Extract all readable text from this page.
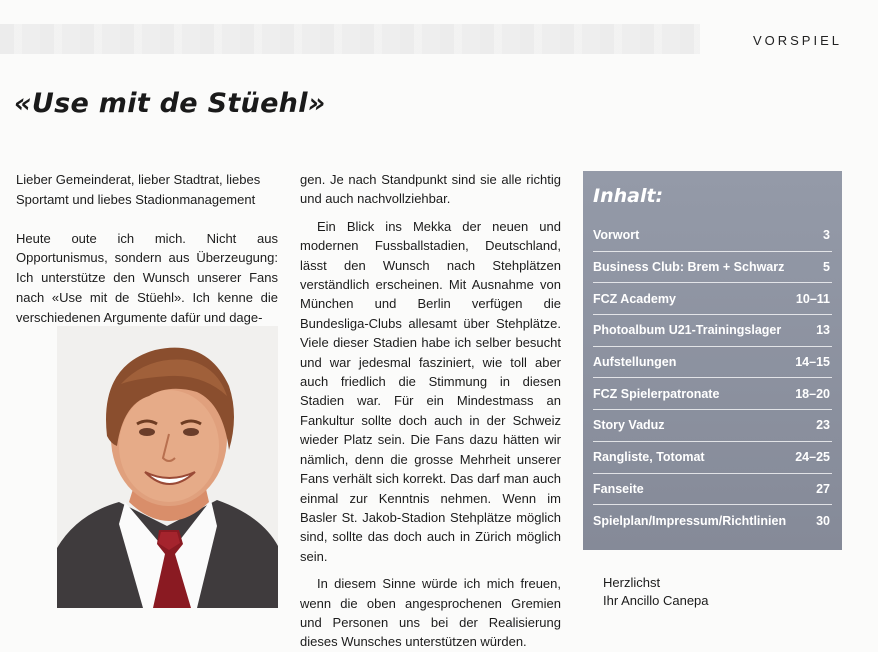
VORSPIEL
«Use mit de Stüehl»

Lieber Gemeinderat, lieber Stadtrat, liebes Sportamt und liebes Stadionmanagement

Heute oute ich mich. Nicht aus Opportunismus, sondern aus Überzeugung: Ich unterstütze den Wunsch unserer Fans nach «Use mit de Stüehl». Ich kenne die verschiedenen Argumente dafür und dage-

gen. Je nach Standpunkt sind sie alle richtig und auch nachvollziehbar.

Ein Blick ins Mekka der neuen und modernen Fussballstadien, Deutschland, lässt den Wunsch nach Stehplätzen verständlich erscheinen. Mit Ausnahme von München und Berlin verfügen die Bundesliga-Clubs allesamt über Stehplätze. Viele dieser Stadien habe ich selber besucht und war jedesmal fasziniert, wie toll aber auch friedlich die Stimmung in diesen Stadien war. Für ein Mindestmass an Fankultur sollte doch auch in der Schweiz wieder Platz sein. Die Fans dazu hätten wir nämlich, denn die grosse Mehrheit unserer Fans verhält sich korrekt. Das darf man auch einmal zur Kenntnis nehmen. Wenn im Basler St. Jakob-Stadion Stehplätze möglich sind, sollte das doch auch in Zürich möglich sein.

In diesem Sinne würde ich mich freuen, wenn die oben angesprochenen Gremien und Personen uns bei der Realisierung dieses Wunsches unterstützen würden.

Inhalt:
Vorwort	3
Business Club: Brem + Schwarz	5
FCZ Academy	10–11
Photoalbum U21-Trainingslager	13
Aufstellungen	14–15
FCZ Spielerpatronate	18–20
Story Vaduz	23
Rangliste, Totomat	24–25
Fanseite	27
Spielplan/Impressum/Richtlinien 30
Herzlichst
Ihr Ancillo Canepa
